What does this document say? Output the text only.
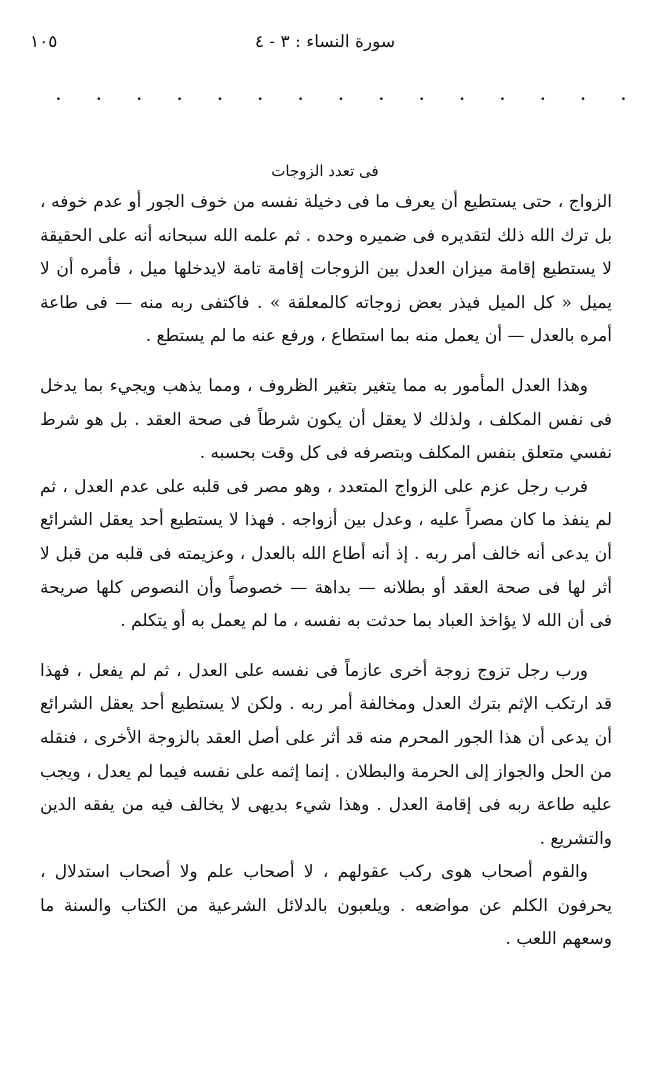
سورة النساء : ٣ - ٤
١٠٥
.	.	.	.	.	.	.	.	.	.	.	.	.	.	.
فى تعدد الزوجات

الزواج ، حتى يستطيع أن يعرف ما فى دخيلة نفسه من خوف الجور أو عدم خوفه ، بل ترك الله ذلك لتقديره فى ضميره وحده . ثم علمه الله سبحانه أنه على الحقيقة لا يستطيع إقامة ميزان العدل بين الزوجات إقامة تامة لايدخلها ميل ، فأمره أن لا يميل « كل الميل فيذر بعض زوجاته كالمعلقة » . فاكتفى ربه منه — فى طاعة أمره بالعدل — أن يعمل منه بما استطاع ، ورفع عنه ما لم يستطع .

وهذا العدل المأمور به مما يتغير بتغير الظروف ، ومما يذهب ويجيء بما يدخل فى نفس المكلف ، ولذلك لا يعقل أن يكون شرطاً فى صحة العقد . بل هو شرط نفسي متعلق بنفس المكلف وبتصرفه فى كل وقت بحسبه .

فرب رجل عزم على الزواج المتعدد ، وهو مصر فى قلبه على عدم العدل ، ثم لم ينفذ ما كان مصراً عليه ، وعدل بين أزواجه . فهذا لا يستطيع أحد يعقل الشرائع أن يدعى أنه خالف أمر ربه . إذ أنه أطاع الله بالعدل ، وعزيمته فى قلبه من قبل لا أثر لها فى صحة العقد أو بطلانه — بداهة — خصوصاً وأن النصوص كلها صريحة فى أن الله لا يؤاخذ العباد بما حدثت به نفسه ، ما لم يعمل به أو يتكلم .

ورب رجل تزوج زوجة أخرى عازماً فى نفسه على العدل ، ثم لم يفعل ، فهذا قد ارتكب الإثم بترك العدل ومخالفة أمر ربه . ولكن لا يستطيع أحد يعقل الشرائع أن يدعى أن هذا الجور المحرم منه قد أثر على أصل العقد بالزوجة الأخرى ، فنقله من الحل والجواز إلى الحرمة والبطلان . إنما إثمه على نفسه فيما لم يعدل ، ويجب عليه طاعة ربه فى إقامة العدل . وهذا شيء بديهى لا يخالف فيه من يفقه الدين والتشريع .

والقوم أصحاب هوى ركب عقولهم ، لا أصحاب علم ولا أصحاب استدلال ، يحرفون الكلم عن مواضعه . ويلعبون بالدلائل الشرعية من الكتاب والسنة ما وسعهم اللعب .
